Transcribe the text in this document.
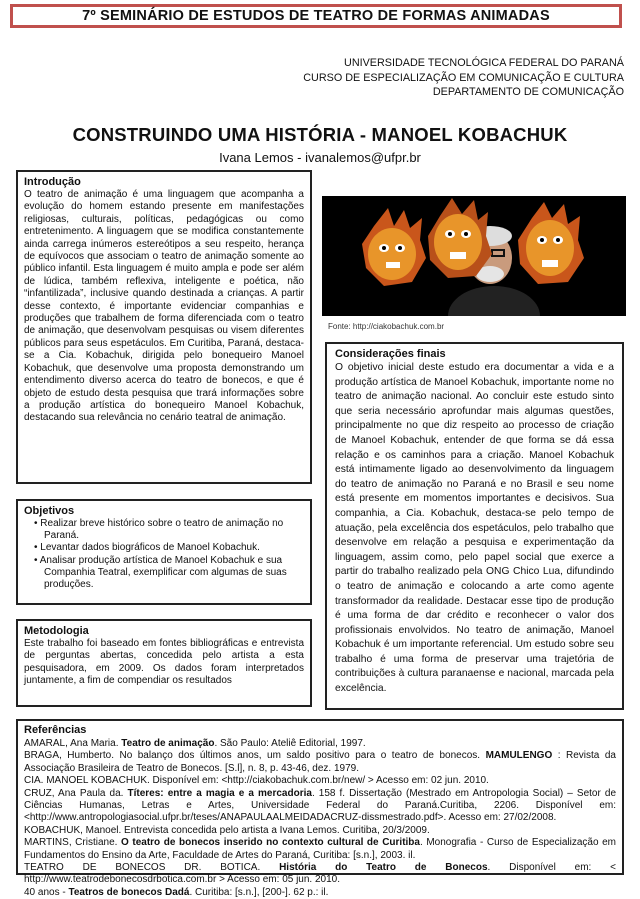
7º SEMINÁRIO DE ESTUDOS DE TEATRO DE FORMAS ANIMADAS
UNIVERSIDADE TECNOLÓGICA FEDERAL DO PARANÁ
CURSO DE ESPECIALIZAÇÃO EM COMUNICAÇÃO E CULTURA
DEPARTAMENTO DE COMUNICAÇÃO
CONSTRUINDO UMA HISTÓRIA - MANOEL KOBACHUK
Ivana Lemos - ivanalemos@ufpr.br
Introdução

O teatro de animação é uma linguagem que acompanha a evolução do homem estando presente em manifestações religiosas, culturais, políticas, pedagógicas ou como entretenimento. A linguagem que se modifica constantemente ainda carrega inúmeros estereótipos a seu respeito, herança de equívocos que associam o teatro de animação somente ao público infantil. Esta linguagem é muito ampla e pode ser além de lúdica, também reflexiva, inteligente e poética, não “infantilizada”, inclusive quando destinada a crianças. A partir desse contexto, é importante evidenciar companhias e produções que trabalhem de forma diferenciada com o teatro de animação, que desenvolvam pesquisas ou visem diferentes públicos para seus espetáculos. Em Curitiba, Paraná, destaca-se a Cia. Kobachuk, dirigida pelo bonequeiro Manoel Kobachuk, que desenvolve uma proposta demonstrando um entendimento diverso acerca do teatro de bonecos, e que é objeto de estudo desta pesquisa que trará informações sobre a produção artística do bonequeiro Manoel Kobachuk, destacando sua relevância no cenário teatral de animação.

Objetivos
• Realizar breve histórico sobre o teatro de animação no Paraná.
• Levantar dados biográficos de Manoel Kobachuk.
• Analisar produção artística de Manoel Kobachuk e sua Companhia Teatral, exemplificar com algumas de suas produções.
Metodologia

Este trabalho foi baseado em fontes bibliográficas e entrevista de perguntas abertas, concedida pelo artista a esta pesquisadora, em 2009. Os dados foram interpretados juntamente, a fim de compendiar os resultados

Fonte: http://ciakobachuk.com.br
Considerações finais

O objetivo inicial deste estudo era documentar a vida e a produção artística de Manoel Kobachuk, importante nome no teatro de animação nacional. Ao concluir este estudo sinto que seria necessário aprofundar mais algumas questões, principalmente no que diz respeito ao processo de criação de Manoel Kobachuk, entender de que forma se dá essa relação e os caminhos para a criação. Manoel Kobachuk está intimamente ligado ao desenvolvimento da linguagem do teatro de animação no Paraná e no Brasil e seu nome está presente em momentos importantes e decisivos. Sua companhia, a Cia. Kobachuk, destaca-se pelo tempo de atuação, pela excelência dos espetáculos, pelo trabalho que desenvolve em relação a pesquisa e experimentação da linguagem, assim como, pelo papel social que exerce a partir do trabalho realizado pela ONG Chico Lua, difundindo o teatro de animação e colocando a arte como agente transformador da realidade. Destacar esse tipo de produção é uma forma de dar crédito e reconhecer o valor dos profissionais envolvidos. No teatro de animação, Manoel Kobachuk é um importante referencial. Um estudo sobre seu trabalho é uma forma de preservar uma trajetória de contribuições à cultura paranaense e nacional, marcada pela excelência.

Referências

AMARAL, Ana Maria. Teatro de animação. São Paulo: Ateliê Editorial, 1997.

BRAGA, Humberto. No balanço dos últimos anos, um saldo positivo para o teatro de bonecos. MAMULENGO : Revista da Associação Brasileira de Teatro de Bonecos. [S.l], n. 8, p. 43-46, dez. 1979.

CIA. MANOEL KOBACHUK. Disponível em: <http://ciakobachuk.com.br/new/ > Acesso em: 02 jun. 2010.

CRUZ, Ana Paula da. Títeres: entre a magia e a mercadoria. 158 f. Dissertação (Mestrado em Antropologia Social) – Setor de Ciências Humanas, Letras e Artes, Universidade Federal do Paraná.Curitiba, 2206. Disponível em: <http://www.antropologiasocial.ufpr.br/teses/ANAPAULAALMEIDADACRUZ-dissmestrado.pdf>. Acesso em: 27/02/2008.

KOBACHUK, Manoel. Entrevista concedida pelo artista a Ivana Lemos. Curitiba, 20/3/2009.

MARTINS, Cristiane. O teatro de bonecos inserido no contexto cultural de Curitiba. Monografia - Curso de Especialização em Fundamentos do Ensino da Arte, Faculdade de Artes do Paraná, Curitiba: [s.n.], 2003. il.

TEATRO DE BONECOS DR. BOTICA. História do Teatro de Bonecos. Disponível em: < http://www.teatrodebonecosdrbotica.com.br > Acesso em: 05 jun. 2010.

40 anos - Teatros de bonecos Dadá. Curitiba: [s.n.], [200-]. 62 p.: il.
